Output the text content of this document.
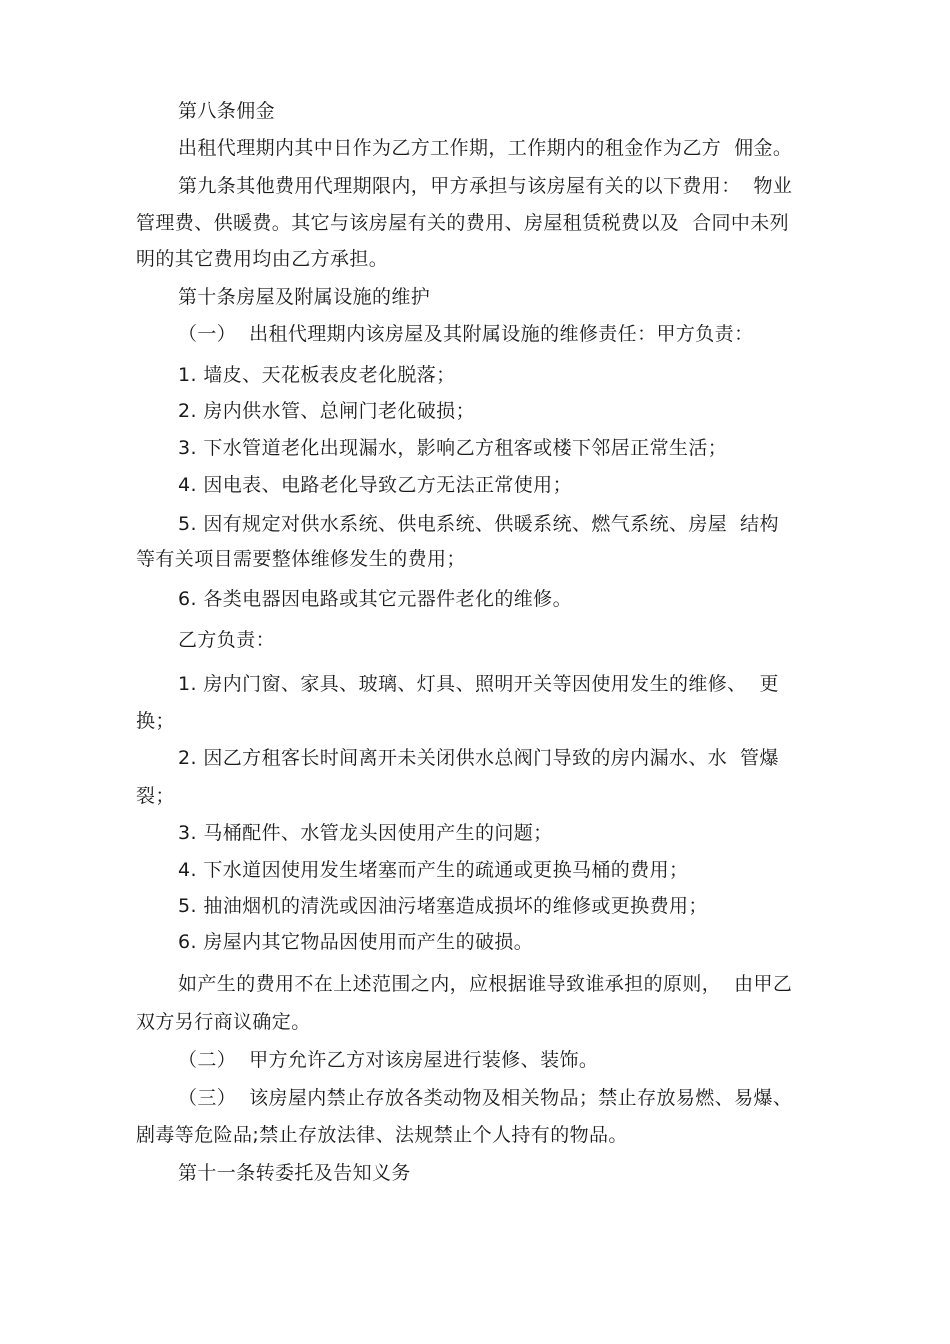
第八条佣金
出租代理期内其中日作为乙方工作期，工作期内的租金作为乙方  佣金。
第九条其他费用代理期限内，甲方承担与该房屋有关的以下费用：  物业
管理费、供暖费。其它与该房屋有关的费用、房屋租赁税费以及  合同中未列
明的其它费用均由乙方承担。
第十条房屋及附属设施的维护
（一）  出租代理期内该房屋及其附属设施的维修责任：甲方负责：
1. 墙皮、天花板表皮老化脱落；
2. 房内供水管、总闸门老化破损；
3. 下水管道老化出现漏水，影响乙方租客或楼下邻居正常生活；
4. 因电表、电路老化导致乙方无法正常使用；
5. 因有规定对供水系统、供电系统、供暖系统、燃气系统、房屋  结构
等有关项目需要整体维修发生的费用；
6. 各类电器因电路或其它元器件老化的维修。
乙方负责：
1. 房内门窗、家具、玻璃、灯具、照明开关等因使用发生的维修、  更
换；
2. 因乙方租客长时间离开未关闭供水总阀门导致的房内漏水、水  管爆
裂；
3. 马桶配件、水管龙头因使用产生的问题；
4. 下水道因使用发生堵塞而产生的疏通或更换马桶的费用；
5. 抽油烟机的清洗或因油污堵塞造成损坏的维修或更换费用；
6. 房屋内其它物品因使用而产生的破损。
如产生的费用不在上述范围之内，应根据谁导致谁承担的原则，  由甲乙
双方另行商议确定。
（二）  甲方允许乙方对该房屋进行装修、装饰。
（三）  该房屋内禁止存放各类动物及相关物品；禁止存放易燃、易爆、
剧毒等危险品;禁止存放法律、法规禁止个人持有的物品。
第十一条转委托及告知义务
